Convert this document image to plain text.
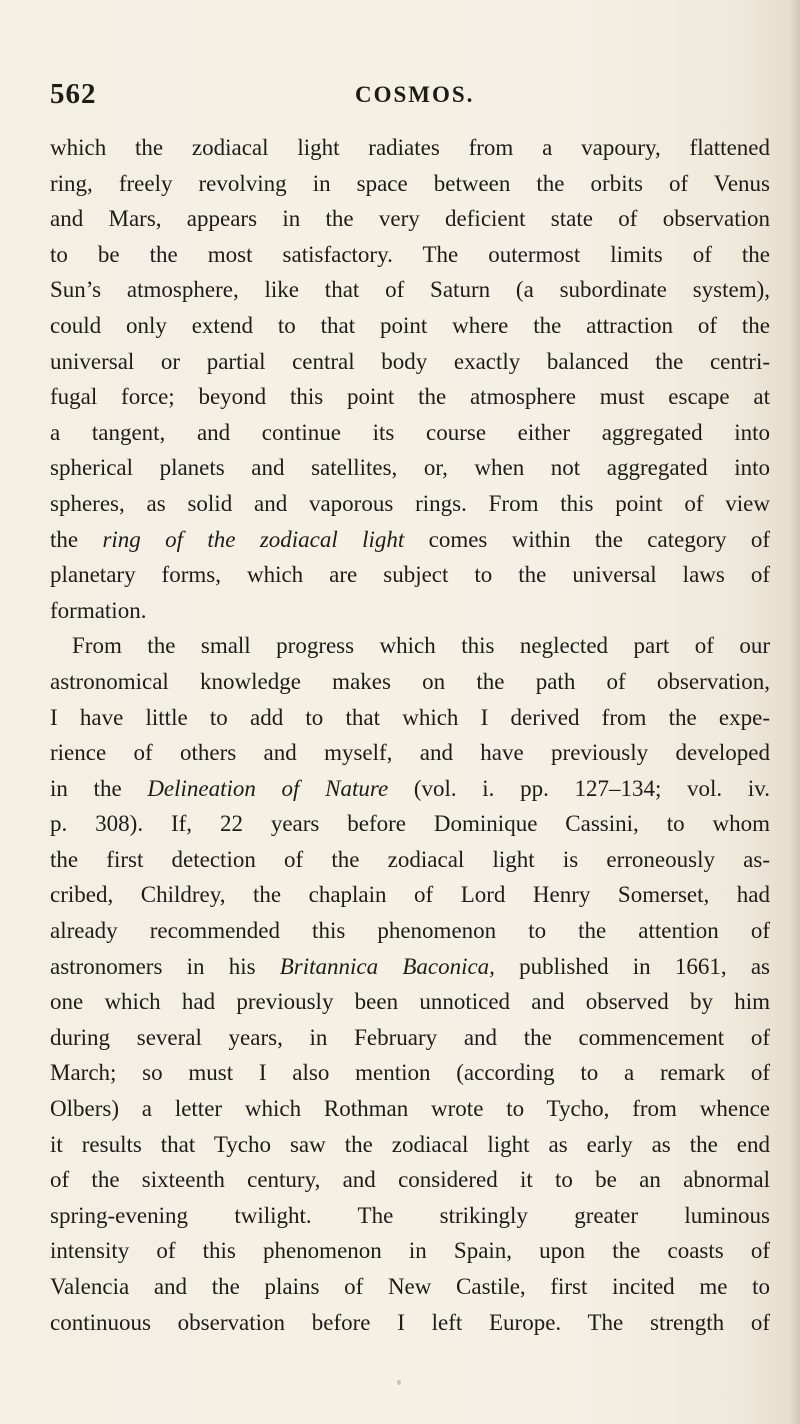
562	COSMOS.
which the zodiacal light radiates from a vapoury, flattened
ring, freely revolving in space between the orbits of Venus
and Mars, appears in the very deficient state of observation
to be the most satisfactory. The outermost limits of the
Sun’s atmosphere, like that of Saturn (a subordinate system),
could only extend to that point where the attraction of the
universal or partial central body exactly balanced the centri-
fugal force; beyond this point the atmosphere must escape at
a tangent, and continue its course either aggregated into
spherical planets and satellites, or, when not aggregated into
spheres, as solid and vaporous rings. From this point of view
the ring of the zodiacal light comes within the category of
planetary forms, which are subject to the universal laws of
formation.
From the small progress which this neglected part of our
astronomical knowledge makes on the path of observation,
I have little to add to that which I derived from the expe-
rience of others and myself, and have previously developed
in the Delineation of Nature (vol. i. pp. 127–134; vol. iv.
p. 308). If, 22 years before Dominique Cassini, to whom
the first detection of the zodiacal light is erroneously as-
cribed, Childrey, the chaplain of Lord Henry Somerset, had
already recommended this phenomenon to the attention of
astronomers in his Britannica Baconica, published in 1661, as
one which had previously been unnoticed and observed by him
during several years, in February and the commencement of
March; so must I also mention (according to a remark of
Olbers) a letter which Rothman wrote to Tycho, from whence
it results that Tycho saw the zodiacal light as early as the end
of the sixteenth century, and considered it to be an abnormal
spring-evening twilight. The strikingly greater luminous
intensity of this phenomenon in Spain, upon the coasts of
Valencia and the plains of New Castile, first incited me to
continuous observation before I left Europe. The strength of
